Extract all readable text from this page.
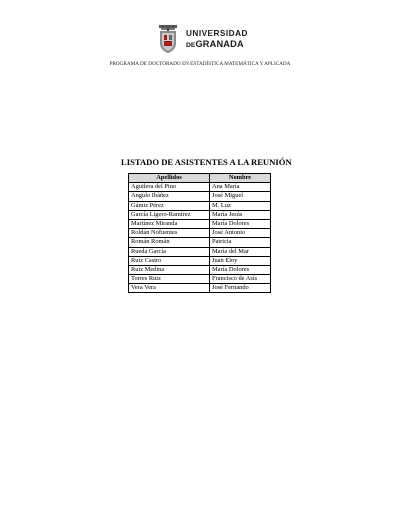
UNIVERSIDAD
DEGRANADA
PROGRAMA DE DOCTORADO EN ESTADÍSTICA MATEMÁTICA Y APLICADA
LISTADO DE ASISTENTES A LA REUNIÓN
Apellidos	Nombre
Aguilera del Pino	Ana María
Angulo Ibáñez	José Miguel
Gámiz Pérez	M. Luz
García Ligero-Ramírez	María Jesús
Martínez Miranda	María Dolores
Roldán Nofuentes	José Antonio
Román Román	Patricia
Rueda García	María del Mar
Ruiz Castro	Juan Eloy
Ruiz Medina	María Dolores
Torres Ruiz	Francisco de Asís
Vera Vera	José Fernando
